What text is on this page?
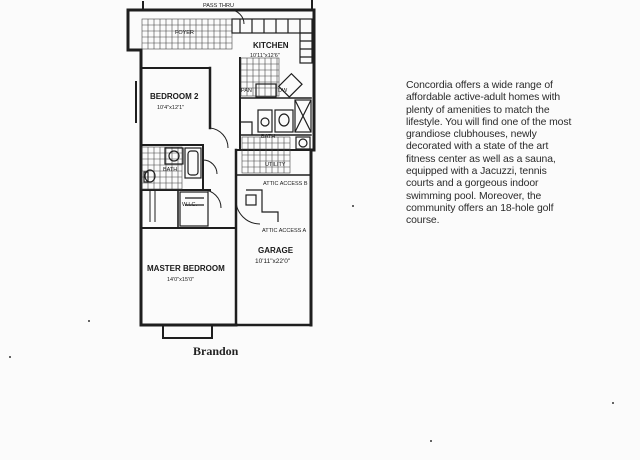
PASS THRU
FOYER
KITCHEN
10'11"x12'6"
PAN	DW
BEDROOM 2
10'4"x12'1"
BATH
BATH
UTILITY
W.I.C.
ATTIC ACCESS B
ATTIC ACCESS A
GARAGE
10'11"x22'0"
MASTER BEDROOM
14'0"x15'0"
Brandon
Concordia offers a wide range of affordable active-adult homes with plenty of amenities to match the lifestyle. You will find one of the most grandiose clubhouses, newly decorated with a state of the art fitness center as well as a sauna, equipped with a Jacuzzi, tennis courts and a gorgeous indoor swimming pool. Moreover, the community offers an 18-hole golf course.
